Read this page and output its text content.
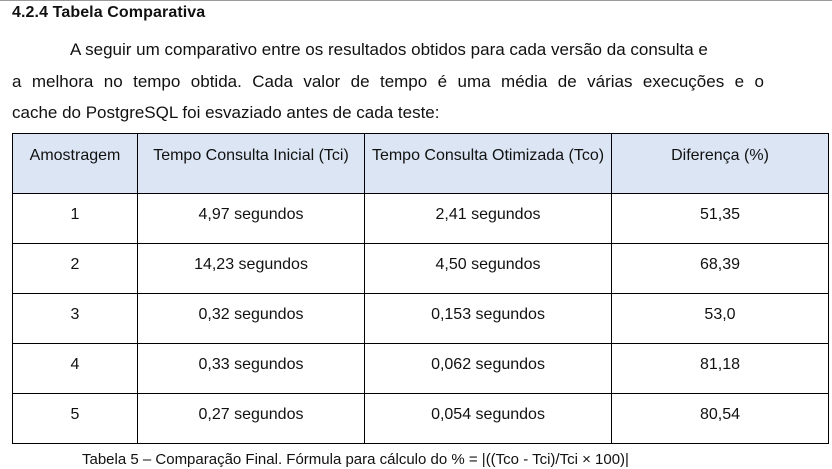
4.2.4 Tabela Comparativa
A seguir um comparativo entre os resultados obtidos para cada versão da consulta e
a melhora no tempo obtida. Cada valor de tempo é uma média de várias execuções e o
cache do PostgreSQL foi esvaziado antes de cada teste:
Amostragem	Tempo Consulta Inicial (Tci)	Tempo Consulta Otimizada (Tco)	Diferença (%)
1	4,97 segundos	2,41 segundos	51,35
2	14,23 segundos	4,50 segundos	68,39
3	0,32 segundos	0,153 segundos	53,0
4	0,33 segundos	0,062 segundos	81,18
5	0,27 segundos	0,054 segundos	80,54
Tabela 5 – Comparação Final. Fórmula para cálculo do % = |((Tco - Tci)/Tci × 100)|
